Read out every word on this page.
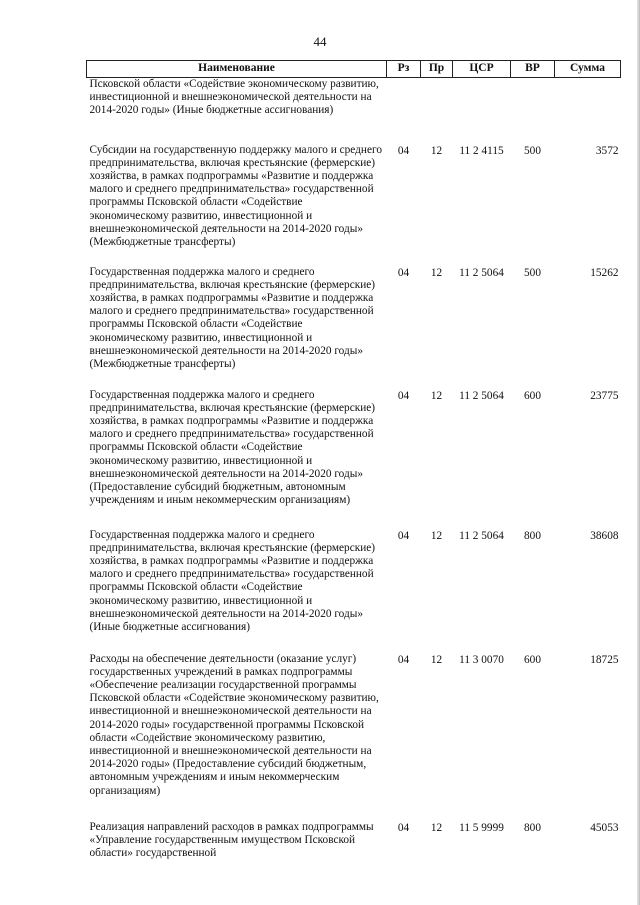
44
Наименование	Рз	Пр	ЦСР	ВР	Сумма
Псковской области «Содействие экономическому развитию, инвестиционной и внешнеэкономической деятельности на 2014-2020 годы» (Иные бюджетные ассигнования)					
Субсидии на государственную поддержку малого и среднего предпринимательства, включая крестьянские (фермерские) хозяйства, в рамках подпрограммы «Развитие и поддержка малого и среднего предпринимательства» государственной программы Псковской области «Содействие экономическому развитию, инвестиционной и внешнеэкономической деятельности на 2014-2020 годы» (Межбюджетные трансферты)	04	12	11 2 4115	500	3572
Государственная поддержка малого и среднего предпринимательства, включая крестьянские (фермерские) хозяйства, в рамках подпрограммы «Развитие и поддержка малого и среднего предпринимательства» государственной программы Псковской области «Содействие экономическому развитию, инвестиционной и внешнеэкономической деятельности на 2014-2020 годы» (Межбюджетные трансферты)	04	12	11 2 5064	500	15262
Государственная поддержка малого и среднего предпринимательства, включая крестьянские (фермерские) хозяйства, в рамках подпрограммы «Развитие и поддержка малого и среднего предпринимательства» государственной программы Псковской области «Содействие экономическому развитию, инвестиционной и внешнеэкономической деятельности на 2014-2020 годы» (Предоставление субсидий бюджетным, автономным учреждениям и иным некоммерческим организациям)	04	12	11 2 5064	600	23775
Государственная поддержка малого и среднего предпринимательства, включая крестьянские (фермерские) хозяйства, в рамках подпрограммы «Развитие и поддержка малого и среднего предпринимательства» государственной программы Псковской области «Содействие экономическому развитию, инвестиционной и внешнеэкономической деятельности на 2014-2020 годы» (Иные бюджетные ассигнования)	04	12	11 2 5064	800	38608
Расходы на обеспечение деятельности (оказание услуг) государственных учреждений в рамках подпрограммы «Обеспечение реализации государственной программы Псковской области «Содействие экономическому развитию, инвестиционной и внешнеэкономической деятельности на 2014-2020 годы» государственной программы Псковской области «Содействие экономическому развитию, инвестиционной и внешнеэкономической деятельности на 2014-2020 годы» (Предоставление субсидий бюджетным, автономным учреждениям и иным некоммерческим организациям)	04	12	11 3 0070	600	18725
Реализация направлений расходов в рамках подпрограммы «Управление государственным имуществом Псковской области» государственной	04	12	11 5 9999	800	45053
